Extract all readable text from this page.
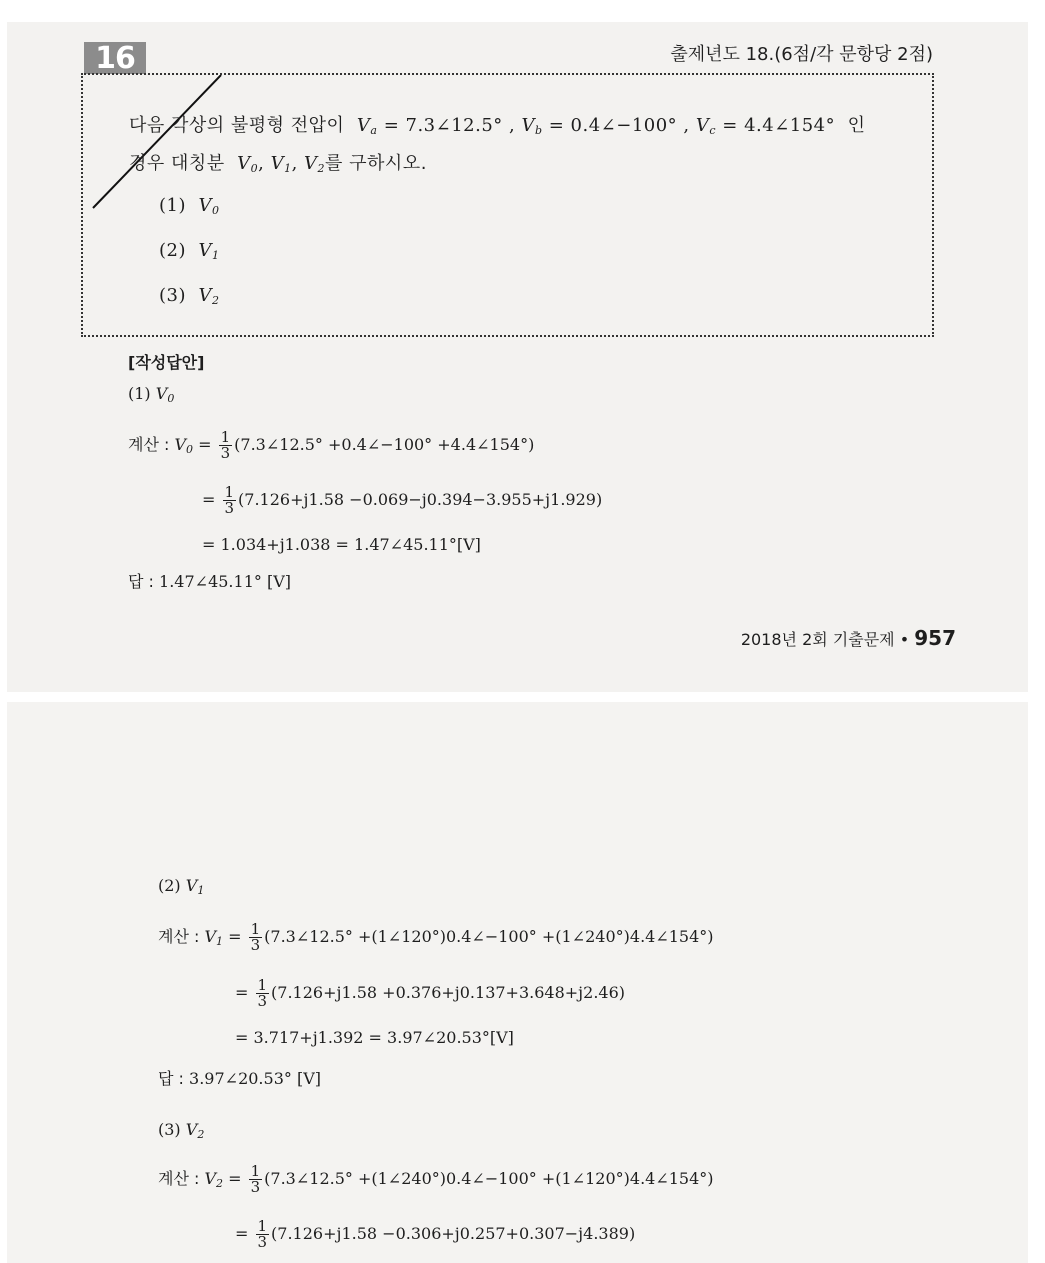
16	출제년도 18.(6점/각 문항당 2점)
다음 각상의 불평형 전압이 $V_a$ = 7.3∠12.5° , $V_b$ = 0.4∠−100° , $V_c$ = 4.4∠154° 인
경우 대칭분 $V_0$, $V_1$, $V_2$를 구하시오.
(1) $V_0$
(2) $V_1$
(3) $V_2$
[작성답안]
(1) $V_0$
계산 : $V_0 = \frac{1}{3}$ (7.3∠12.5° +0.4∠−100° +4.4∠154°)
= $\frac{1}{3} (7.126+j1.58 -0.069-j0.394-3.955+j1.929)$
= 1.034+j1.038 = 1.47∠45.11°[V]
답 : 1.47∠45.11° [V]
2018년 2회 기출문제 • 957
(2) $V_1$
계산 : $V_1 = \frac{1}{3}$ (7.3∠12.5° +(1∠120°)0.4∠−100° +(1∠240°)4.4∠154°)
= $\frac{1}{3} (7.126+j1.58 +0.376+j0.137+3.648+j2.46)$
= 3.717+j1.392 = 3.97∠20.53°[V]
답 : 3.97∠20.53° [V]
(3) $V_2$
계산 : $V_2 = \frac{1}{3}$ (7.3∠12.5° +(1∠240°)0.4∠−100° +(1∠120°)4.4∠154°)
= $\frac{1}{3} (7.126+j1.58 -0.306+j0.257+0.307-j4.389)$
